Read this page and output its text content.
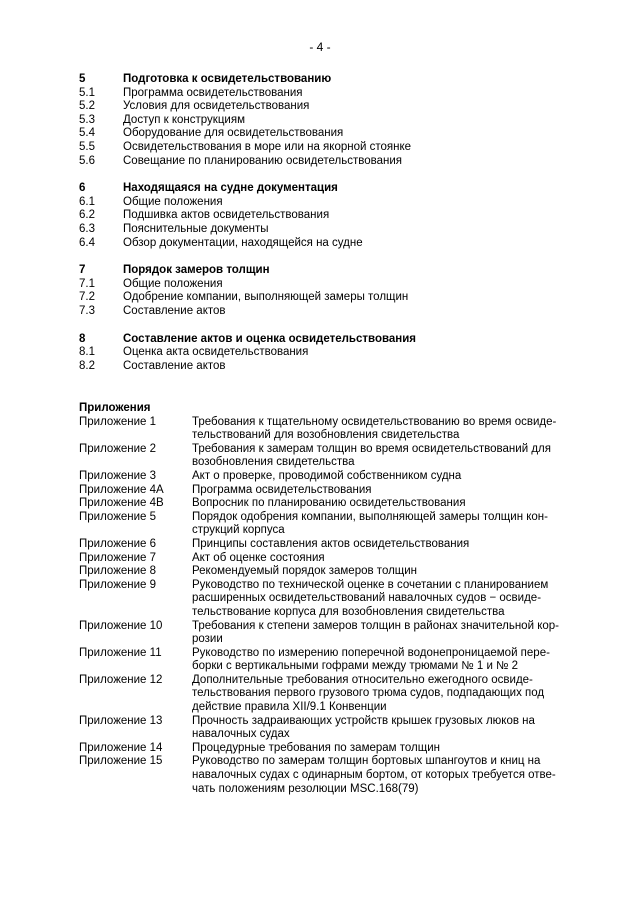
- 4 -
5	Подготовка к освидетельствованию
5.1	Программа освидетельствования
5.2	Условия для освидетельствования
5.3	Доступ к конструкциям
5.4	Оборудование для освидетельствования
5.5	Освидетельствования в море или на якорной стоянке
5.6	Совещание по планированию освидетельствования
6	Находящаяся на судне документация
6.1	Общие положения
6.2	Подшивка актов освидетельствования
6.3	Пояснительные документы
6.4	Обзор документации, находящейся на судне
7	Порядок замеров толщин
7.1	Общие положения
7.2	Одобрение компании, выполняющей замеры толщин
7.3	Составление актов
8	Составление актов и оценка освидетельствования
8.1	Оценка акта освидетельствования
8.2	Составление актов
Приложения
Приложение 1	Требования к тщательному освидетельствованию во время освиде-
тельствований для возобновления свидетельства
Приложение 2	Требования к замерам толщин во время освидетельствований для
возобновления свидетельства
Приложение 3	Акт о проверке, проводимой собственником судна
Приложение 4А	Программа освидетельствования
Приложение 4В	Вопросник по планированию освидетельствования
Приложение 5	Порядок одобрения компании, выполняющей замеры толщин кон-
струкций корпуса
Приложение 6	Принципы составления актов освидетельствования
Приложение 7	Акт об оценке состояния
Приложение 8	Рекомендуемый порядок замеров толщин
Приложение 9	Руководство по технической оценке в сочетании с планированием
расширенных освидетельствований навалочных судов − освиде-
тельствование корпуса для возобновления свидетельства
Приложение 10	Требования к степени замеров толщин в районах значительной кор-
розии
Приложение 11	Руководство по измерению поперечной водонепроницаемой пере-
борки с вертикальными гофрами между трюмами № 1 и № 2
Приложение 12	Дополнительные требования относительно ежегодного освиде-
тельствования первого грузового трюма судов, подпадающих под
действие правила XII/9.1 Конвенции
Приложение 13	Прочность задраивающих устройств крышек грузовых люков на
навалочных судах
Приложение 14	Процедурные требования по замерам толщин
Приложение 15	Руководство по замерам толщин бортовых шпангоутов и книц на
навалочных судах с одинарным бортом, от которых требуется отве-
чать положениям резолюции MSC.168(79)
